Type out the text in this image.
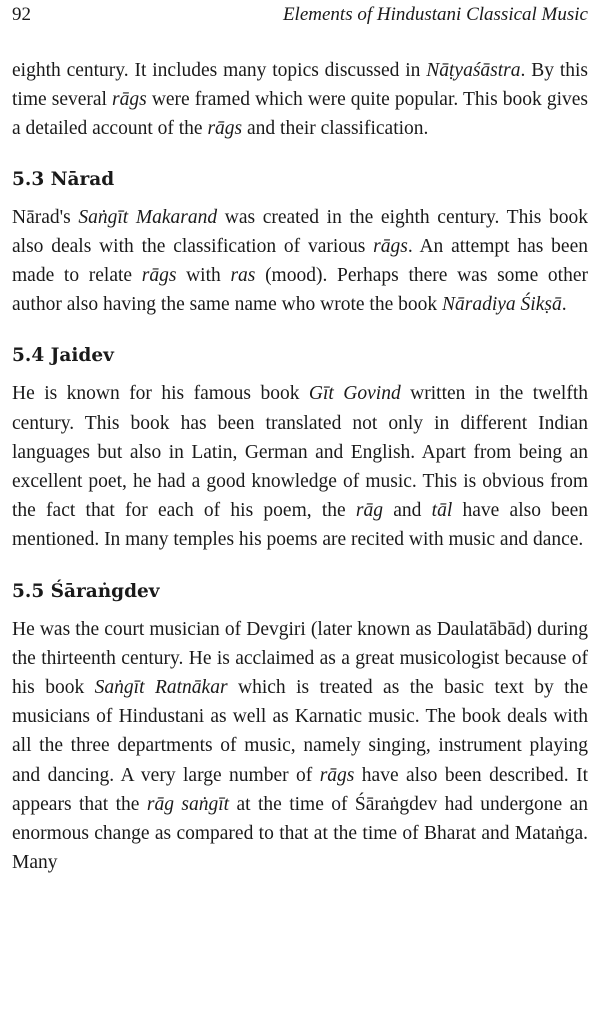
92	Elements of Hindustani Classical Music

eighth century. It includes many topics discussed in Nāṭyaśāstra. By this time several rāgs were framed which were quite popular. This book gives a detailed account of the rāgs and their classification.

5.3 Nārad

Nārad's Saṅgīt Makarand was created in the eighth century. This book also deals with the classification of various rāgs. An attempt has been made to relate rāgs with ras (mood). Perhaps there was some other author also having the same name who wrote the book Nāradiya Śikṣā.

5.4 Jaidev

He is known for his famous book Gīt Govind written in the twelfth century. This book has been translated not only in different Indian languages but also in Latin, German and English. Apart from being an excellent poet, he had a good knowledge of music. This is obvious from the fact that for each of his poem, the rāg and tāl have also been mentioned. In many temples his poems are recited with music and dance.

5.5 Śāraṅgdev

He was the court musician of Devgiri (later known as Daulatābād) during the thirteenth century. He is acclaimed as a great musicologist because of his book Saṅgīt Ratnākar which is treated as the basic text by the musicians of Hindustani as well as Karnatic music. The book deals with all the three departments of music, namely singing, instrument playing and dancing. A very large number of rāgs have also been described. It appears that the rāg saṅgīt at the time of Śāraṅgdev had undergone an enormous change as compared to that at the time of Bharat and Mataṅga. Many
